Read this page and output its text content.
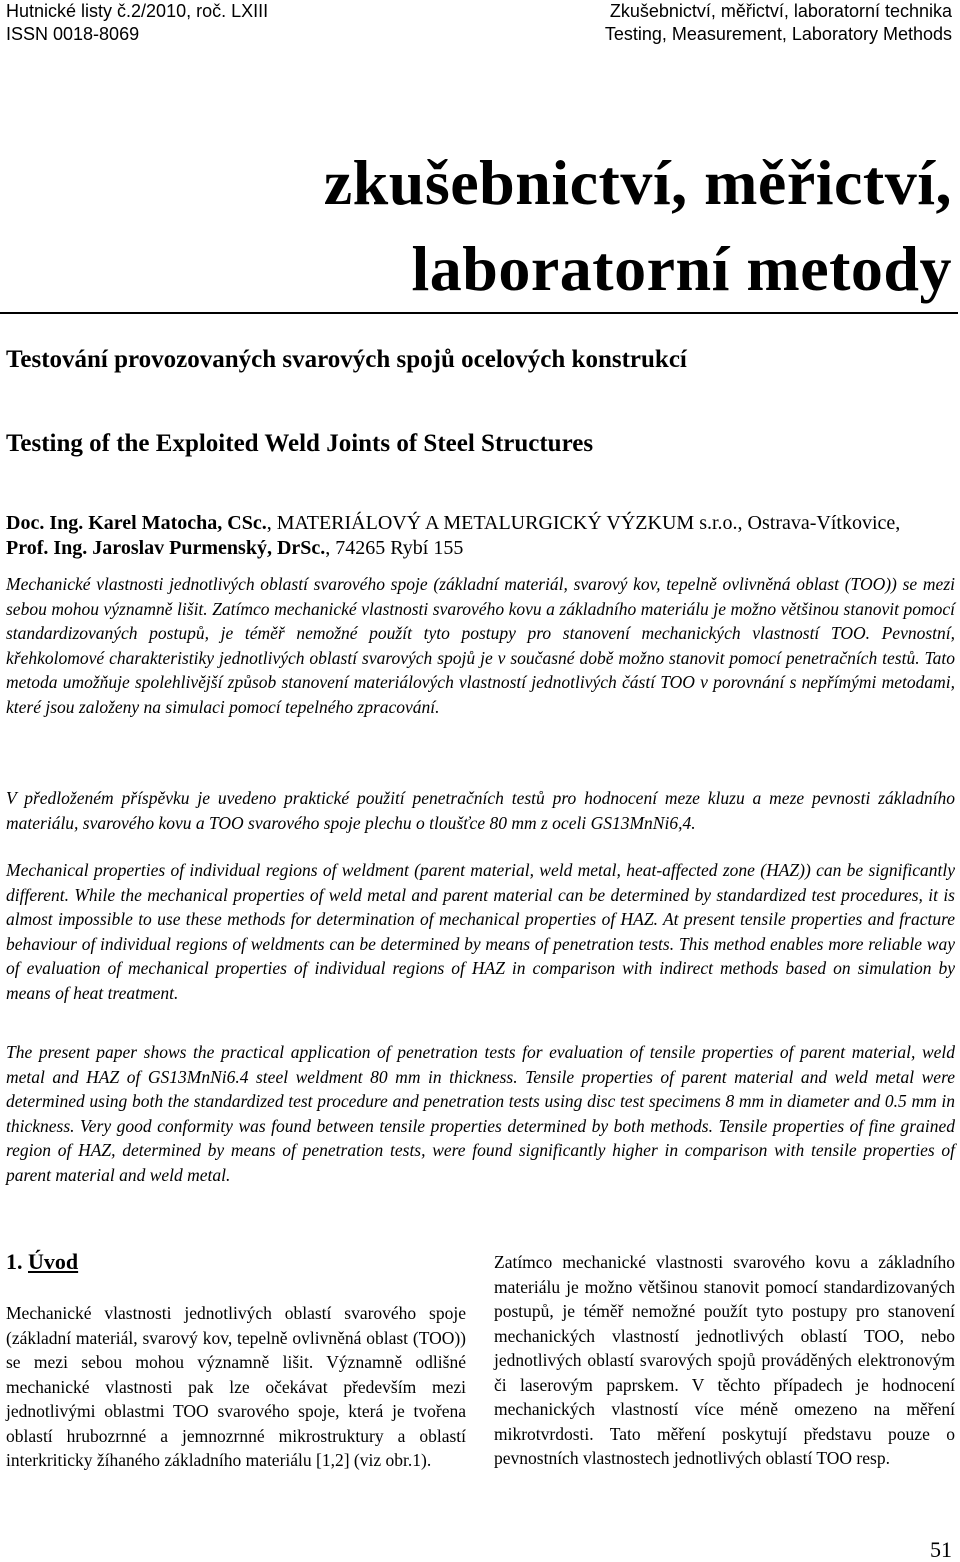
Hutnické listy č.2/2010, roč. LXIII
ISSN 0018-8069
Zkušebnictví, měřictví, laboratorní technika
Testing, Measurement, Laboratory Methods
zkušebnictví, měřictví,
laboratorní metody
Testování provozovaných svarových spojů ocelových konstrukcí
Testing of the Exploited Weld Joints of Steel Structures
Doc. Ing. Karel Matocha, CSc., MATERIÁLOVÝ A METALURGICKÝ VÝZKUM s.r.o., Ostrava-Vítkovice,
Prof. Ing. Jaroslav Purmenský, DrSc., 74265 Rybí 155

Mechanické vlastnosti jednotlivých oblastí svarového spoje (základní materiál, svarový kov, tepelně ovlivněná oblast (TOO)) se mezi sebou mohou významně lišit. Zatímco mechanické vlastnosti svarového kovu a základního materiálu je možno většinou stanovit pomocí standardizovaných postupů, je téměř nemožné použít tyto postupy pro stanovení mechanických vlastností TOO. Pevnostní, křehkolomové charakteristiky jednotlivých oblastí svarových spojů je v současné době možno stanovit pomocí penetračních testů. Tato metoda umožňuje spolehlivější způsob stanovení materiálových vlastností jednotlivých částí TOO v porovnání s nepřímými metodami, které jsou založeny na simulaci pomocí tepelného zpracování.

V předloženém příspěvku je uvedeno praktické použití penetračních testů pro hodnocení meze kluzu a meze pevnosti základního materiálu, svarového kovu a TOO svarového spoje plechu o tloušťce 80 mm z oceli GS13MnNi6,4.

Mechanical properties of individual regions of weldment (parent material, weld metal, heat-affected zone (HAZ)) can be significantly different. While the mechanical properties of weld metal and parent material can be determined by standardized test procedures, it is almost impossible to use these methods for determination of mechanical properties of HAZ. At present tensile properties and fracture behaviour of individual regions of weldments can be determined by means of penetration tests. This method enables more reliable way of evaluation of mechanical properties of individual regions of HAZ in comparison with indirect methods based on simulation by means of heat treatment.

The present paper shows the practical application of penetration tests for evaluation of tensile properties of parent material, weld metal and HAZ of GS13MnNi6.4 steel weldment 80 mm in thickness. Tensile properties of parent material and weld metal were determined using both the standardized test procedure and penetration tests using disc test specimens 8 mm in diameter and 0.5 mm in thickness. Very good conformity was found between tensile properties determined by both methods. Tensile properties of fine grained region of HAZ, determined by means of penetration tests, were found significantly higher in comparison with tensile properties of parent material and weld metal.

1. Úvod

Mechanické vlastnosti jednotlivých oblastí svarového spoje (základní materiál, svarový kov, tepelně ovlivněná oblast (TOO)) se mezi sebou mohou významně lišit. Významně odlišné mechanické vlastnosti pak lze očekávat především mezi jednotlivými oblastmi TOO svarového spoje, která je tvořena oblastí hrubozrnné a jemnozrnné mikrostruktury a oblastí interkriticky žíhaného základního materiálu [1,2] (viz obr.1).

Zatímco mechanické vlastnosti svarového kovu a základního materiálu je možno většinou stanovit pomocí standardizovaných postupů, je téměř nemožné použít tyto postupy pro stanovení mechanických vlastností jednotlivých oblastí TOO, nebo jednotlivých oblastí svarových spojů prováděných elektronovým či laserovým paprskem. V těchto případech je hodnocení mechanických vlastností více méně omezeno na měření mikrotvrdosti. Tato měření poskytují představu pouze o pevnostních vlastnostech jednotlivých oblastí TOO resp.

51
